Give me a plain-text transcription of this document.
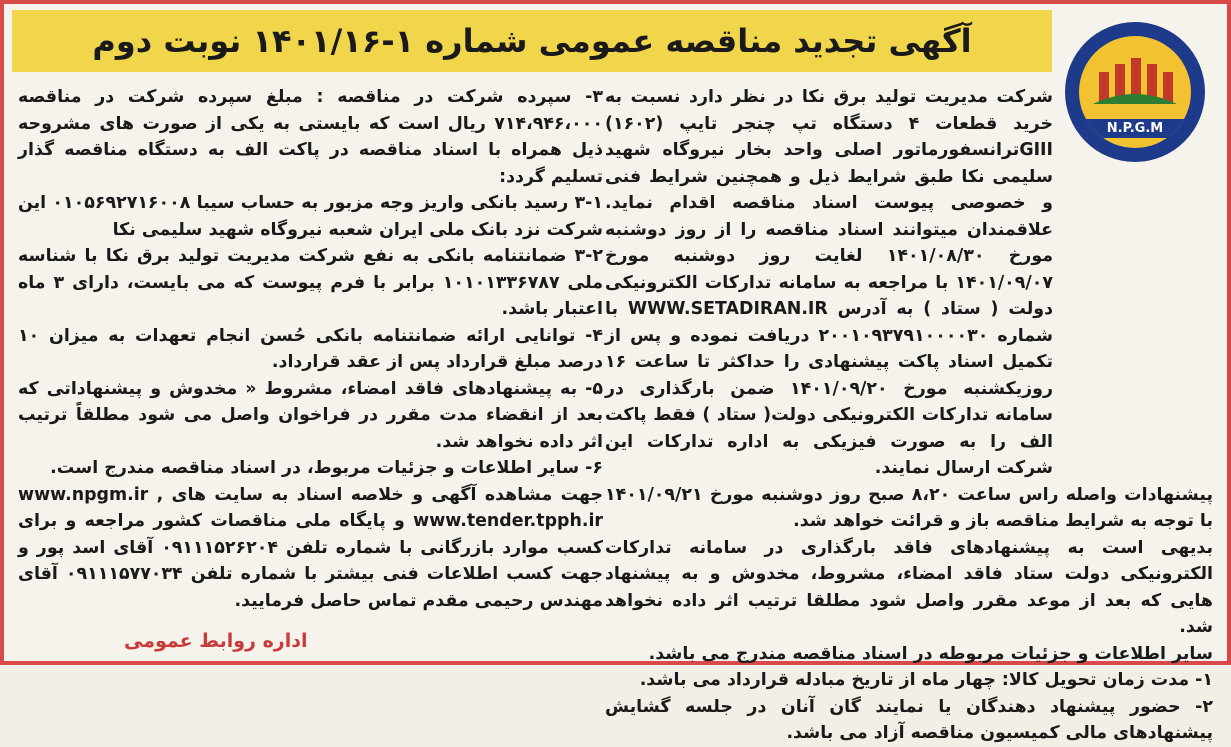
آگهی تجدید مناقصه عمومی شماره ۱-۱۴۰۱/۱۶ نوبت دوم
N.P.G.M

شرکت مدیریت تولید برق نکا در نظر دارد نسبت به خرید قطعات ۴ دستگاه تپ چنجر تایپ (۱۶۰۲) GIIIترانسفورماتور اصلی واحد بخار نیروگاه شهید سلیمی نکا طبق شرایط ذیل و همچنین شرایط فنی و خصوصی پیوست اسناد مناقصه اقدام نماید. علاقمندان میتوانند اسناد مناقصه را از روز دوشنبه مورخ ۱۴۰۱/۰۸/۳۰ لغایت روز دوشنبه مورخ ۱۴۰۱/۰۹/۰۷ با مراجعه به سامانه تدارکات الکترونیکی دولت ( ستاد ) به آدرس WWW.SETADIRAN.IR با شماره ۲۰۰۱۰۹۳۷۹۱۰۰۰۰۳۰ دریافت نموده و پس از تکمیل اسناد پاکت پیشنهادی را حداکثر تا ساعت ۱۶ روزیکشنبه مورخ ۱۴۰۱/۰۹/۲۰ ضمن بارگذاری در سامانه تدارکات الکترونیکی دولت( ستاد ) فقط پاکت الف را به صورت فیزیکی به اداره تدارکات این شرکت ارسال نمایند.

پیشنهادات واصله راس ساعت ۸،۲۰ صبح روز دوشنبه مورخ ۱۴۰۱/۰۹/۲۱ با توجه به شرایط مناقصه باز و قرائت خواهد شد.

بدیهی است به پیشنهادهای فاقد بارگذاری در سامانه تدارکات الکترونیکی دولت ستاد فاقد امضاء، مشروط، مخدوش و به پیشنهاد هایی که بعد از موعد مقرر واصل شود مطلقا ترتیب اثر داده نخواهد شد.

سایر اطلاعات و جزئیات مربوطه در اسناد مناقصه مندرج می باشد.

۱- مدت زمان تحویل کالا: چهار ماه از تاریخ مبادله قرارداد می باشد.

۲- حضور پیشنهاد دهندگان یا نمایند گان آنان در جلسه گشایش پیشنهادهای مالی کمیسیون مناقصه آزاد می باشد.

۳- سپرده شرکت در مناقصه : مبلغ سپرده شرکت در مناقصه ۷۱۴،۹۴۶،۰۰۰ ریال است که بایستی به یکی از صورت های مشروحه ذیل همراه با اسناد مناقصه در پاکت الف به دستگاه مناقصه گذار تسلیم گردد:

۳-۱ رسید بانکی واریز وجه مزبور به حساب سیبا ۰۱۰۵۶۹۲۷۱۶۰۰۸ این شرکت نزد بانک ملی ایران شعبه نیروگاه شهید سلیمی نکا

۳-۲ ضمانتنامه بانکی به نفع شرکت مدیریت تولید برق نکا با شناسه ملی ۱۰۱۰۱۳۳۶۷۸۷ برابر با فرم پیوست که می بایست، دارای ۳ ماه اعتبار باشد.

۴- توانایی ارائه ضمانتنامه بانکی حُسن انجام تعهدات به میزان ۱۰ درصد مبلغ قرارداد پس از عقد قرارداد.

۵- به پیشنهادهای فاقد امضاء، مشروط « مخدوش و پیشنهاداتی که بعد از انقضاء مدت مقرر در فراخوان واصل می شود مطلقاً ترتیب اثر داده نخواهد شد.

۶- سایر اطلاعات و جزئیات مربوط، در اسناد مناقصه مندرج است.

جهت مشاهده آگهی و خلاصه اسناد به سایت های , www.npgm.ir www.tender.tpph.ir و پایگاه ملی مناقصات کشور مراجعه و برای کسب موارد بازرگانی با شماره تلفن ۰۹۱۱۱۵۲۶۲۰۴ آقای اسد پور و جهت کسب اطلاعات فنی بیشتر با شماره تلفن ۰۹۱۱۱۵۷۷۰۳۴ آقای مهندس رحیمی مقدم تماس حاصل فرمایید.

اداره روابط عمومی
